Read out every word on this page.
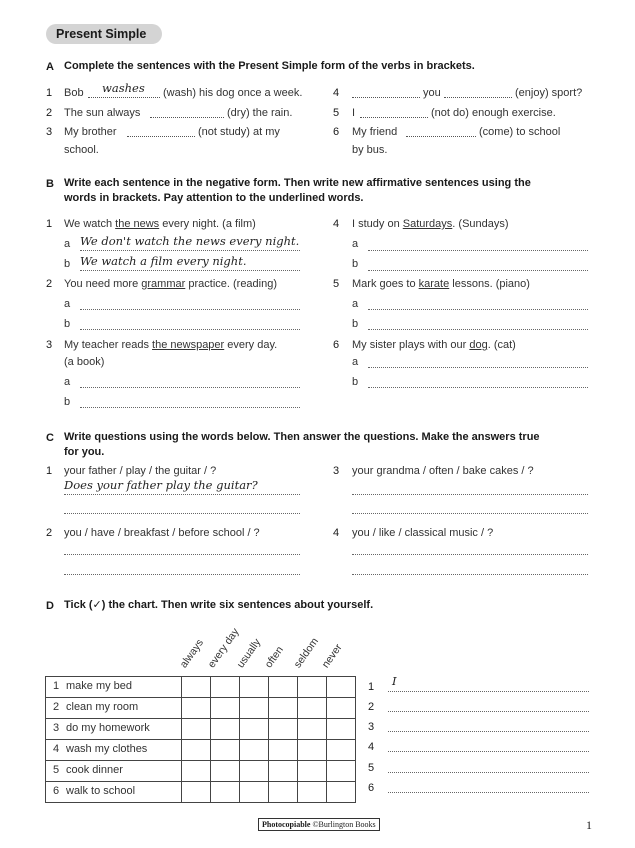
Present Simple
A Complete the sentences with the Present Simple form of the verbs in brackets.
1 Bob washes (wash) his dog once a week.
2 The sun always	(dry) the rain.
3 My brother	(not study) at my
school.
4	you	(enjoy) sport?
5 I	(not do) enough exercise.
6 My friend	(come) to school
by bus.
B Write each sentence in the negative form. Then write new affirmative sentences using the
words in brackets. Pay attention to the underlined words.
1 We watch the news every night. (a film)
a We don't watch the news every night.
b We watch a film every night.
2 You need more grammar practice. (reading)
a
b
3 My teacher reads the newspaper every day.
(a book)
a
b
4 I study on Saturdays. (Sundays)
a
b
5 Mark goes to karate lessons. (piano)
a
b
6 My sister plays with our dog. (cat)
a
b
C Write questions using the words below. Then answer the questions. Make the answers true
for you.
1 your father / play / the guitar / ?
Does your father play the guitar?
2 you / have / breakfast / before school / ?
3 your grandma / often / bake cakes / ?
4 you / like / classical music / ?
D Tick (✓) the chart. Then write six sentences about yourself.
always every day
usually often seldom
never
1 make my bed						
2 clean my room						
3 do my homework						
4 wash my clothes						
5 cook dinner						
6 walk to school						
1 I
2
3
4
5
6
Photocopiable ©Burlington Books	1
